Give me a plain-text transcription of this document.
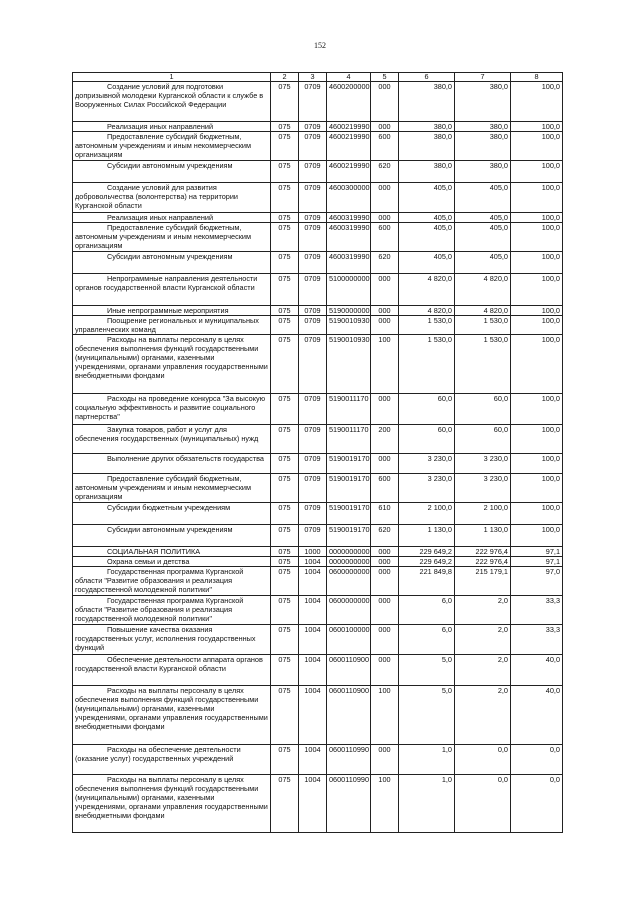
152
1	2	3	4	5	6	7	8
Создание условий для подготовки допризывной молодежи Курганской области к службе в Вооруженных Силах Российской Федерации	075	0709	4600200000	000	380,0	380,0	100,0
Реализация иных направлений	075	0709	4600219990	000	380,0	380,0	100,0
Предоставление субсидий бюджетным, автономным учреждениям и иным некоммерческим организациям	075	0709	4600219990	600	380,0	380,0	100,0
Субсидии автономным учреждениям	075	0709	4600219990	620	380,0	380,0	100,0
Создание условий для развития добровольчества (волонтерства) на территории Курганской области	075	0709	4600300000	000	405,0	405,0	100,0
Реализация иных направлений	075	0709	4600319990	000	405,0	405,0	100,0
Предоставление субсидий бюджетным, автономным учреждениям и иным некоммерческим организациям	075	0709	4600319990	600	405,0	405,0	100,0
Субсидии автономным учреждениям	075	0709	4600319990	620	405,0	405,0	100,0
Непрограммные направления деятельности органов государственной власти Курганской области	075	0709	5100000000	000	4 820,0	4 820,0	100,0
Иные непрограммные мероприятия	075	0709	5190000000	000	4 820,0	4 820,0	100,0
Поощрение региональных и муниципальных управленческих команд	075	0709	5190010930	000	1 530,0	1 530,0	100,0
Расходы на выплаты персоналу в целях обеспечения выполнения функций государственными (муниципальными) органами, казенными учреждениями, органами управления государственными внебюджетными фондами	075	0709	5190010930	100	1 530,0	1 530,0	100,0
Расходы на проведение конкурса "За высокую социальную эффективность и развитие социального партнерства"	075	0709	5190011170	000	60,0	60,0	100,0
Закупка товаров, работ и услуг для обеспечения государственных (муниципальных) нужд	075	0709	5190011170	200	60,0	60,0	100,0
Выполнение других обязательств государства	075	0709	5190019170	000	3 230,0	3 230,0	100,0
Предоставление субсидий бюджетным, автономным учреждениям и иным некоммерческим организациям	075	0709	5190019170	600	3 230,0	3 230,0	100,0
Субсидии бюджетным учреждениям	075	0709	5190019170	610	2 100,0	2 100,0	100,0
Субсидии автономным учреждениям	075	0709	5190019170	620	1 130,0	1 130,0	100,0
СОЦИАЛЬНАЯ ПОЛИТИКА	075	1000	0000000000	000	229 649,2	222 976,4	97,1
Охрана семьи и детства	075	1004	0000000000	000	229 649,2	222 976,4	97,1
Государственная программа Курганской области "Развитие образования и реализация государственной молодежной политики"	075	1004	0600000000	000	221 849,8	215 179,1	97,0
Государственная программа Курганской области "Развитие образования и реализация государственной молодежной политики"	075	1004	0600000000	000	6,0	2,0	33,3
Повышение качества оказания государственных услуг, исполнения государственных функций	075	1004	0600100000	000	6,0	2,0	33,3
Обеспечение деятельности аппарата органов государственной власти Курганской области	075	1004	0600110900	000	5,0	2,0	40,0
Расходы на выплаты персоналу в целях обеспечения выполнения функций государственными (муниципальными) органами, казенными учреждениями, органами управления государственными внебюджетными фондами	075	1004	0600110900	100	5,0	2,0	40,0
Расходы на обеспечение деятельности (оказание услуг) государственных учреждений	075	1004	0600110990	000	1,0	0,0	0,0
Расходы на выплаты персоналу в целях обеспечения выполнения функций государственными (муниципальными) органами, казенными учреждениями, органами управления государственными внебюджетными фондами	075	1004	0600110990	100	1,0	0,0	0,0
